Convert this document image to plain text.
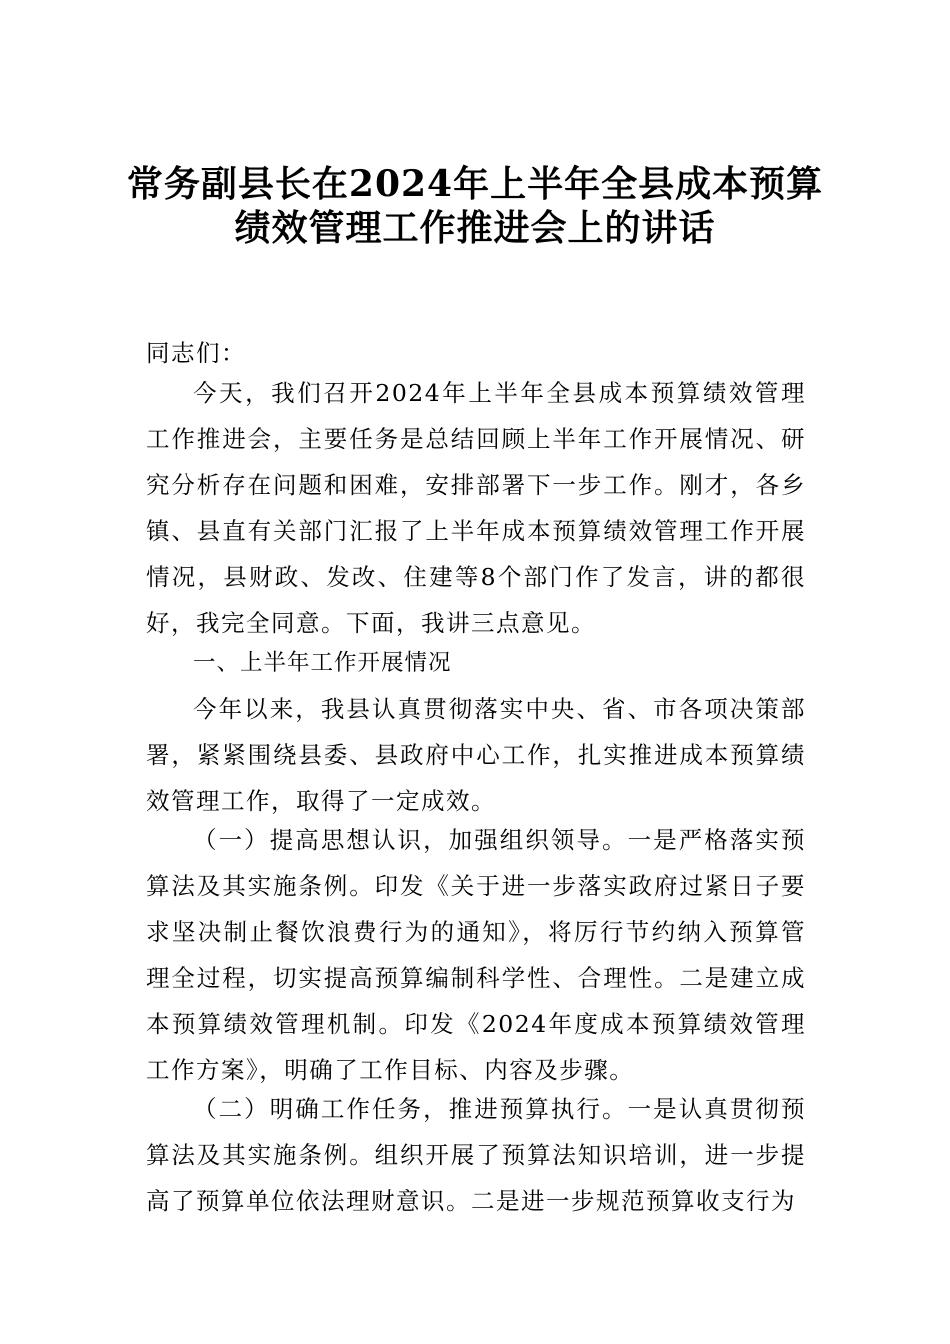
常务副县长在2024年上半年全县成本预算
绩效管理工作推进会上的讲话

同志们：

今天，我们召开2024年上半年全县成本预算绩效管理工作推进会，主要任务是总结回顾上半年工作开展情况、研究分析存在问题和困难，安排部署下一步工作。刚才，各乡镇、县直有关部门汇报了上半年成本预算绩效管理工作开展情况，县财政、发改、住建等8个部门作了发言，讲的都很好，我完全同意。下面，我讲三点意见。

一、上半年工作开展情况

今年以来，我县认真贯彻落实中央、省、市各项决策部署，紧紧围绕县委、县政府中心工作，扎实推进成本预算绩效管理工作，取得了一定成效。

（一）提高思想认识，加强组织领导。一是严格落实预算法及其实施条例。印发《关于进一步落实政府过紧日子要求坚决制止餐饮浪费行为的通知》，将厉行节约纳入预算管理全过程，切实提高预算编制科学性、合理性。二是建立成本预算绩效管理机制。印发《2024年度成本预算绩效管理工作方案》，明确了工作目标、内容及步骤。

（二）明确工作任务，推进预算执行。一是认真贯彻预算法及其实施条例。组织开展了预算法知识培训，进一步提高了预算单位依法理财意识。二是进一步规范预算收支行为
